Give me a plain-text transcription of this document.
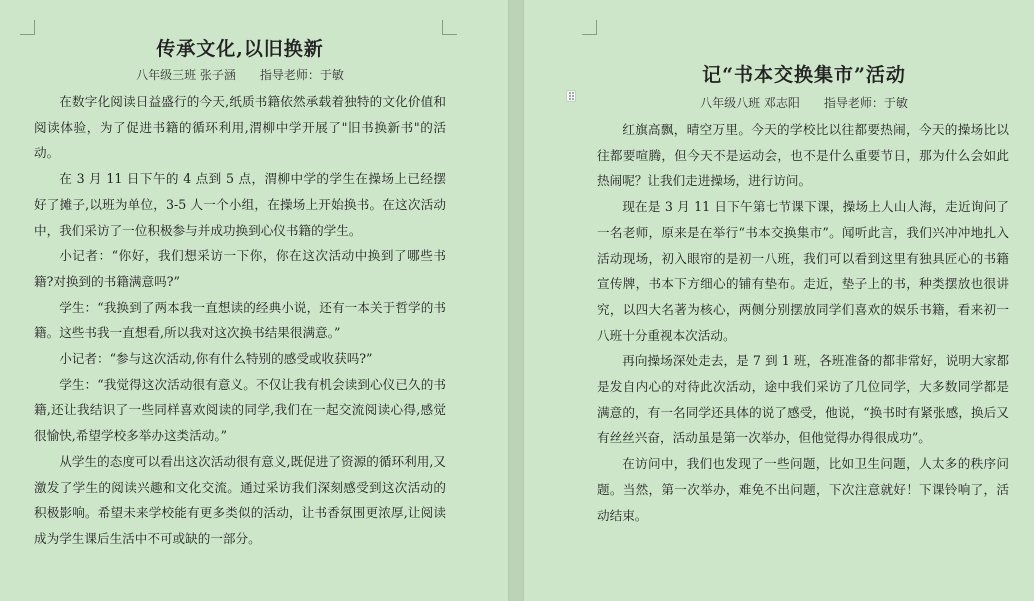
传承文化,以旧换新
八年级三班 张子涵　　指导老师：于敏

在数字化阅读日益盛行的今天,纸质书籍依然承载着独特的文化价值和阅读体验，为了促进书籍的循环利用,渭柳中学开展了"旧书换新书"的活动。

在 3 月 11 日下午的 4 点到 5 点，渭柳中学的学生在操场上已经摆好了摊子,以班为单位，3-5 人一个小组，在操场上开始换书。在这次活动中，我们采访了一位积极参与并成功换到心仪书籍的学生。

小记者：“你好，我们想采访一下你，你在这次活动中换到了哪些书籍?对换到的书籍满意吗?”

学生：“我换到了两本我一直想读的经典小说，还有一本关于哲学的书籍。这些书我一直想看,所以我对这次换书结果很满意。”

小记者：“参与这次活动,你有什么特别的感受或收获吗?”

学生：“我觉得这次活动很有意义。不仅让我有机会读到心仪已久的书籍,还让我结识了一些同样喜欢阅读的同学,我们在一起交流阅读心得,感觉很愉快,希望学校多举办这类活动。”

从学生的态度可以看出这次活动很有意义,既促进了资源的循环利用,又激发了学生的阅读兴趣和文化交流。通过采访我们深刻感受到这次活动的积极影响。希望未来学校能有更多类似的活动，让书香氛围更浓厚,让阅读成为学生课后生活中不可或缺的一部分。

记“书本交换集市”活动
八年级八班 邓志阳　　指导老师：于敏

红旗高飘，晴空万里。今天的学校比以往都要热闹，今天的操场比以往都要喧腾，但今天不是运动会，也不是什么重要节日，那为什么会如此热闹呢？让我们走进操场，进行访问。

现在是 3 月 11 日下午第七节课下课，操场上人山人海，走近询问了一名老师，原来是在举行“书本交换集市”。闻听此言，我们兴冲冲地扎入活动现场，初入眼帘的是初一八班，我们可以看到这里有独具匠心的书籍宣传牌，书本下方细心的铺有垫布。走近，垫子上的书，种类摆放也很讲究，以四大名著为核心，两侧分别摆放同学们喜欢的娱乐书籍，看来初一八班十分重视本次活动。

再向操场深处走去，是 7 到 1 班，各班准备的都非常好，说明大家都是发自内心的对待此次活动，途中我们采访了几位同学，大多数同学都是满意的，有一名同学还具体的说了感受，他说，“换书时有紧张感，换后又有丝丝兴奋，活动虽是第一次举办，但他觉得办得很成功”。

在访问中，我们也发现了一些问题，比如卫生问题，人太多的秩序问题。当然，第一次举办，难免不出问题，下次注意就好！下课铃响了，活动结束。
